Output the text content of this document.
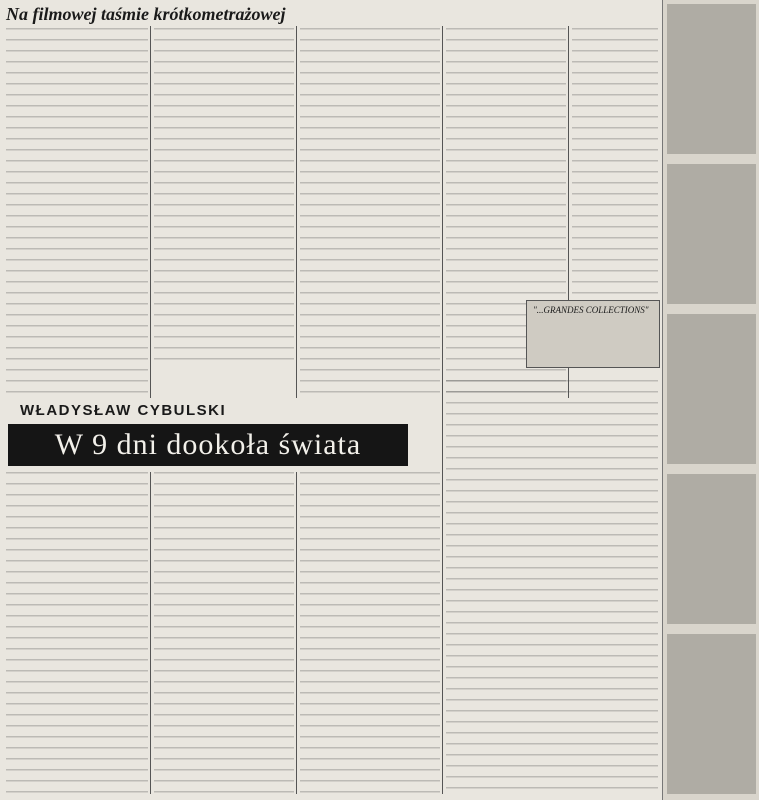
Na filmowej taśmie krótkometrażowej
"...GRANDES COLLECTIONS"
WŁADYSŁAW CYBULSKI
W 9 dni dookoła świata
